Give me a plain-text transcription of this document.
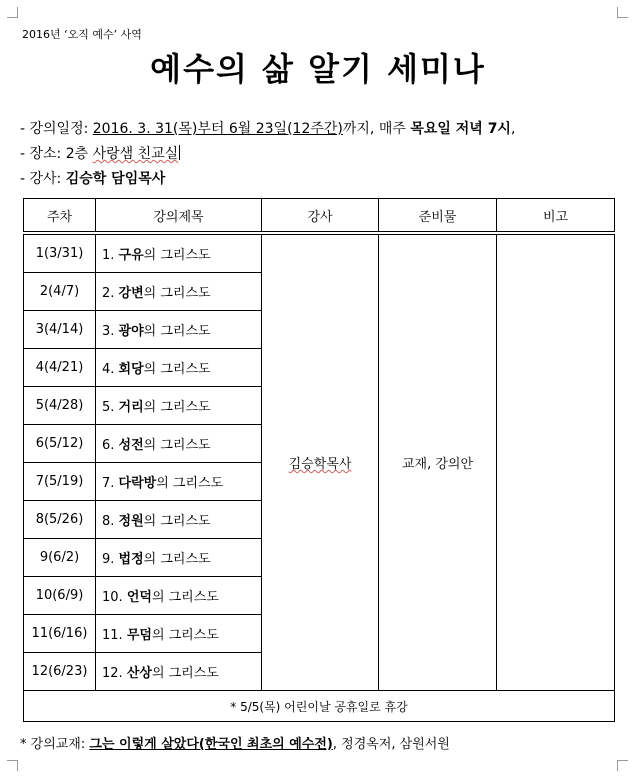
2016년 ‘오직 예수’ 사역
예수의 삶 알기 세미나
- 강의일정: 2016. 3. 31(목)부터 6월 23일(12주간)까지, 매주 목요일 저녁 7시,
- 장소: 2층 사랑샘 친교실
- 강사: 김승학 담임목사
주차	강의제목	강사	준비물	비고
1(3/31)	1. 구유의 그리스도	김승학목사	교재, 강의안	
2(4/7)	2. 강변의 그리스도			
3(4/14)	3. 광야의 그리스도			
4(4/21)	4. 회당의 그리스도			
5(4/28)	5. 거리의 그리스도			
6(5/12)	6. 성전의 그리스도			
7(5/19)	7. 다락방의 그리스도			
8(5/26)	8. 정원의 그리스도			
9(6/2)	9. 법정의 그리스도			
10(6/9)	10. 언덕의 그리스도			
11(6/16)	11. 무덤의 그리스도			
12(6/23)	12. 산상의 그리스도			
* 5/5(목) 어린이날 공휴일로 휴강				
* 강의교재: 그는 이렇게 살았다(한국인 최초의 예수전), 정경옥저, 삼원서원
